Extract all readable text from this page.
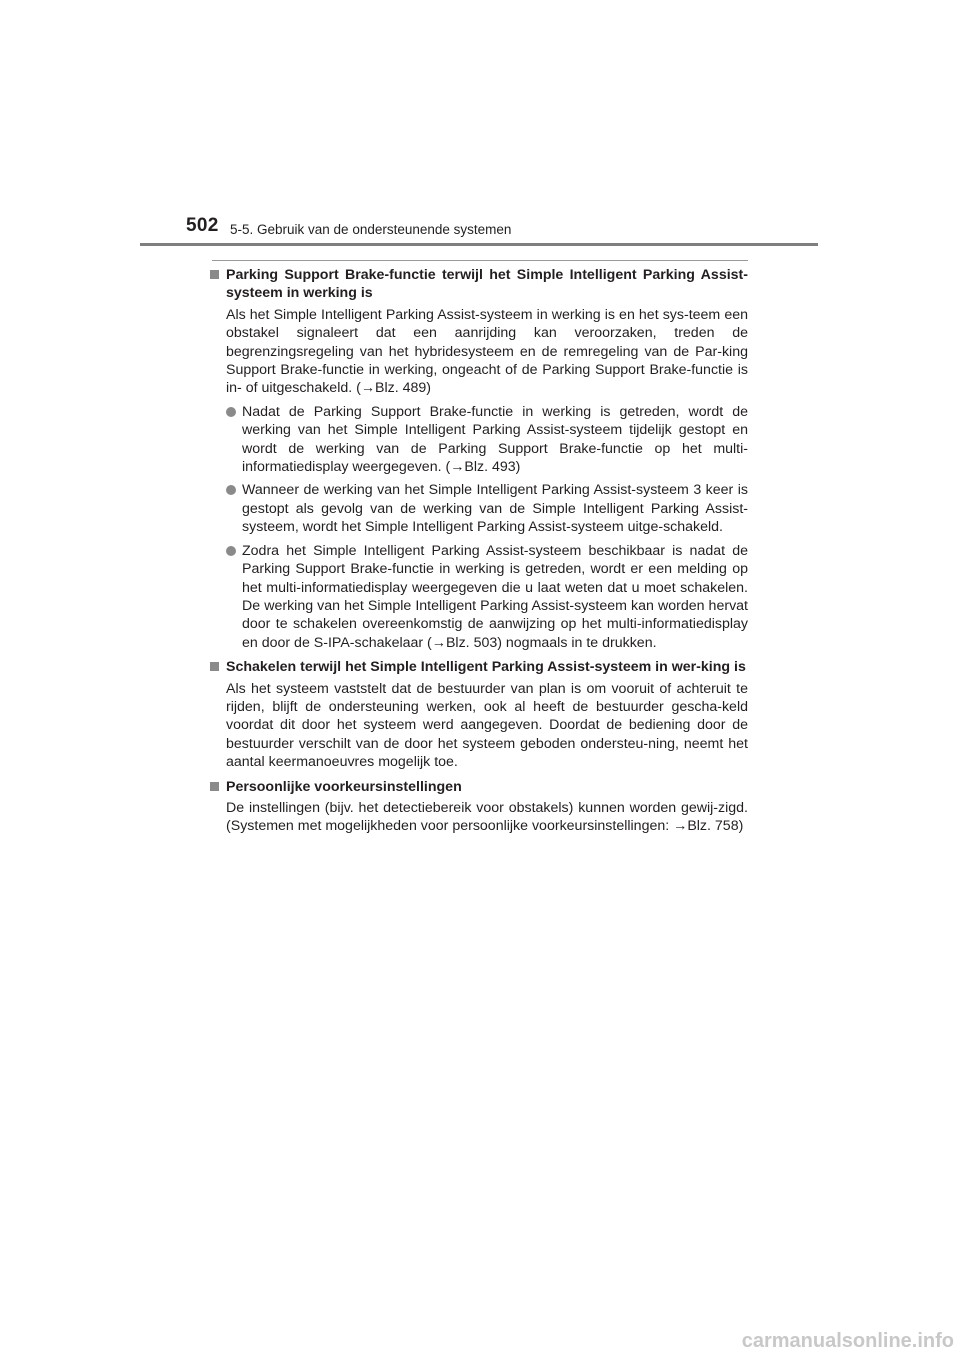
502 5-5. Gebruik van de ondersteunende systemen
Parking Support Brake-functie terwijl het Simple Intelligent Parking Assist-systeem in werking is
Als het Simple Intelligent Parking Assist-systeem in werking is en het sys-teem een obstakel signaleert dat een aanrijding kan veroorzaken, treden de begrenzingsregeling van het hybridesysteem en de remregeling van de Par-king Support Brake-functie in werking, ongeacht of de Parking Support Brake-functie is in- of uitgeschakeld. (→Blz. 489)
Nadat de Parking Support Brake-functie in werking is getreden, wordt de werking van het Simple Intelligent Parking Assist-systeem tijdelijk gestopt en wordt de werking van de Parking Support Brake-functie op het multi-informatiedisplay weergegeven. (→Blz. 493)
Wanneer de werking van het Simple Intelligent Parking Assist-systeem 3 keer is gestopt als gevolg van de werking van de Simple Intelligent Parking Assist-systeem, wordt het Simple Intelligent Parking Assist-systeem uitge-schakeld.
Zodra het Simple Intelligent Parking Assist-systeem beschikbaar is nadat de Parking Support Brake-functie in werking is getreden, wordt er een melding op het multi-informatiedisplay weergegeven die u laat weten dat u moet schakelen. De werking van het Simple Intelligent Parking Assist-systeem kan worden hervat door te schakelen overeenkomstig de aanwijzing op het multi-informatiedisplay en door de S-IPA-schakelaar (→Blz. 503) nogmaals in te drukken.
Schakelen terwijl het Simple Intelligent Parking Assist-systeem in wer-king is
Als het systeem vaststelt dat de bestuurder van plan is om vooruit of achteruit te rijden, blijft de ondersteuning werken, ook al heeft de bestuurder gescha-keld voordat dit door het systeem werd aangegeven. Doordat de bediening door de bestuurder verschilt van de door het systeem geboden ondersteu-ning, neemt het aantal keermanoeuvres mogelijk toe.
Persoonlijke voorkeursinstellingen
De instellingen (bijv. het detectiebereik voor obstakels) kunnen worden gewij-zigd. (Systemen met mogelijkheden voor persoonlijke voorkeursinstellingen: →Blz. 758)
carmanualsonline.info
